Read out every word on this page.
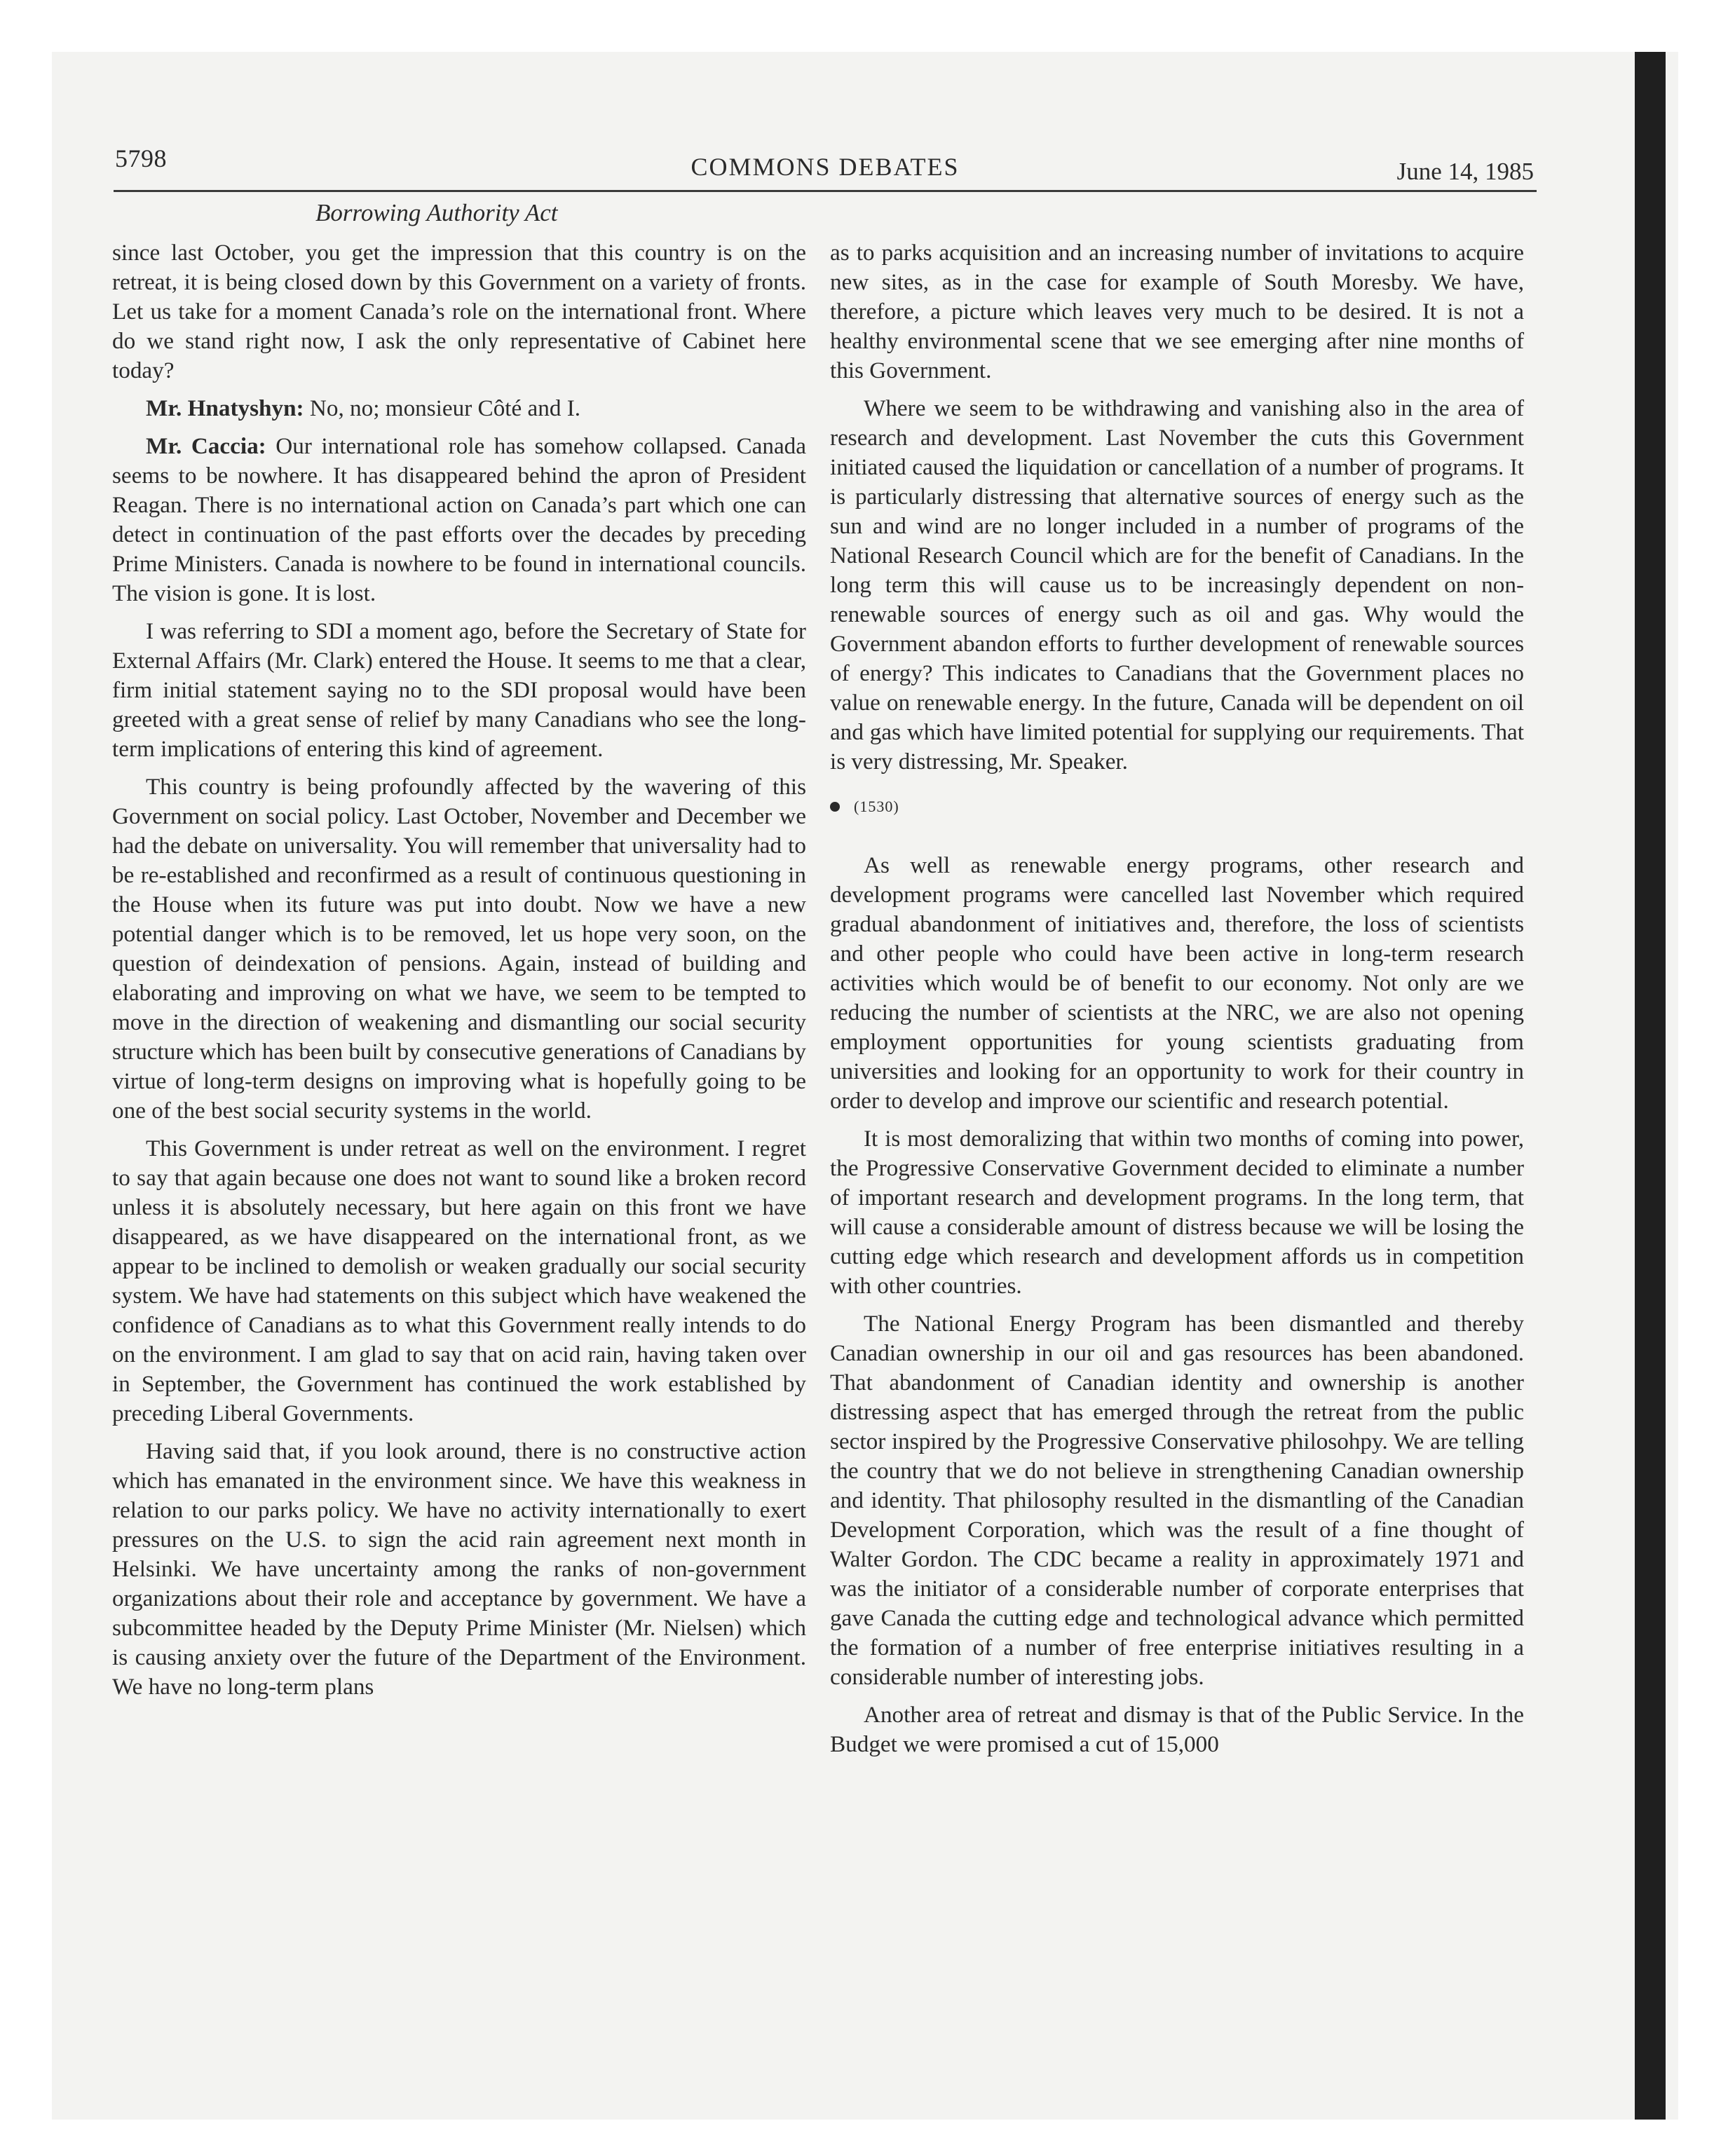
5798	COMMONS DEBATES	June 14, 1985
Borrowing Authority Act

since last October, you get the impression that this country is on the retreat, it is being closed down by this Government on a variety of fronts. Let us take for a moment Canada’s role on the international front. Where do we stand right now, I ask the only representative of Cabinet here today?

Mr. Hnatyshyn: No, no; monsieur Côté and I.

Mr. Caccia: Our international role has somehow collapsed. Canada seems to be nowhere. It has disappeared behind the apron of President Reagan. There is no international action on Canada’s part which one can detect in continuation of the past efforts over the decades by preceding Prime Ministers. Canada is nowhere to be found in international councils. The vision is gone. It is lost.

I was referring to SDI a moment ago, before the Secretary of State for External Affairs (Mr. Clark) entered the House. It seems to me that a clear, firm initial statement saying no to the SDI proposal would have been greeted with a great sense of relief by many Canadians who see the long-term implications of entering this kind of agreement.

This country is being profoundly affected by the wavering of this Government on social policy. Last October, November and December we had the debate on universality. You will remember that universality had to be re-established and reconfirmed as a result of continuous questioning in the House when its future was put into doubt. Now we have a new potential danger which is to be removed, let us hope very soon, on the question of deindexation of pensions. Again, instead of building and elaborating and improving on what we have, we seem to be tempted to move in the direction of weakening and dismantling our social security structure which has been built by consecutive generations of Canadians by virtue of long-term designs on improving what is hopefully going to be one of the best social security systems in the world.

This Government is under retreat as well on the environment. I regret to say that again because one does not want to sound like a broken record unless it is absolutely necessary, but here again on this front we have disappeared, as we have disappeared on the international front, as we appear to be inclined to demolish or weaken gradually our social security system. We have had statements on this subject which have weakened the confidence of Canadians as to what this Government really intends to do on the environment. I am glad to say that on acid rain, having taken over in September, the Government has continued the work established by preceding Liberal Governments.

Having said that, if you look around, there is no constructive action which has emanated in the environment since. We have this weakness in relation to our parks policy. We have no activity internationally to exert pressures on the U.S. to sign the acid rain agreement next month in Helsinki. We have uncertainty among the ranks of non-government organizations about their role and acceptance by government. We have a subcommittee headed by the Deputy Prime Minister (Mr. Nielsen) which is causing anxiety over the future of the Department of the Environment. We have no long-term plans

as to parks acquisition and an increasing number of invitations to acquire new sites, as in the case for example of South Moresby. We have, therefore, a picture which leaves very much to be desired. It is not a healthy environmental scene that we see emerging after nine months of this Government.

Where we seem to be withdrawing and vanishing also in the area of research and development. Last November the cuts this Government initiated caused the liquidation or cancellation of a number of programs. It is particularly distressing that alternative sources of energy such as the sun and wind are no longer included in a number of programs of the National Research Council which are for the benefit of Canadians. In the long term this will cause us to be increasingly dependent on non-renewable sources of energy such as oil and gas. Why would the Government abandon efforts to further development of renewable sources of energy? This indicates to Canadians that the Government places no value on renewable energy. In the future, Canada will be dependent on oil and gas which have limited potential for supplying our requirements. That is very distressing, Mr. Speaker.

(1530)

As well as renewable energy programs, other research and development programs were cancelled last November which required gradual abandonment of initiatives and, therefore, the loss of scientists and other people who could have been active in long-term research activities which would be of benefit to our economy. Not only are we reducing the number of scientists at the NRC, we are also not opening employment opportunities for young scientists graduating from universities and looking for an opportunity to work for their country in order to develop and improve our scientific and research potential.

It is most demoralizing that within two months of coming into power, the Progressive Conservative Government decided to eliminate a number of important research and development programs. In the long term, that will cause a considerable amount of distress because we will be losing the cutting edge which research and development affords us in competition with other countries.

The National Energy Program has been dismantled and thereby Canadian ownership in our oil and gas resources has been abandoned. That abandonment of Canadian identity and ownership is another distressing aspect that has emerged through the retreat from the public sector inspired by the Progressive Conservative philosohpy. We are telling the country that we do not believe in strengthening Canadian ownership and identity. That philosophy resulted in the dismantling of the Canadian Development Corporation, which was the result of a fine thought of Walter Gordon. The CDC became a reality in approximately 1971 and was the initiator of a considerable number of corporate enterprises that gave Canada the cutting edge and technological advance which permitted the formation of a number of free enterprise initiatives resulting in a considerable number of interesting jobs.

Another area of retreat and dismay is that of the Public Service. In the Budget we were promised a cut of 15,000
